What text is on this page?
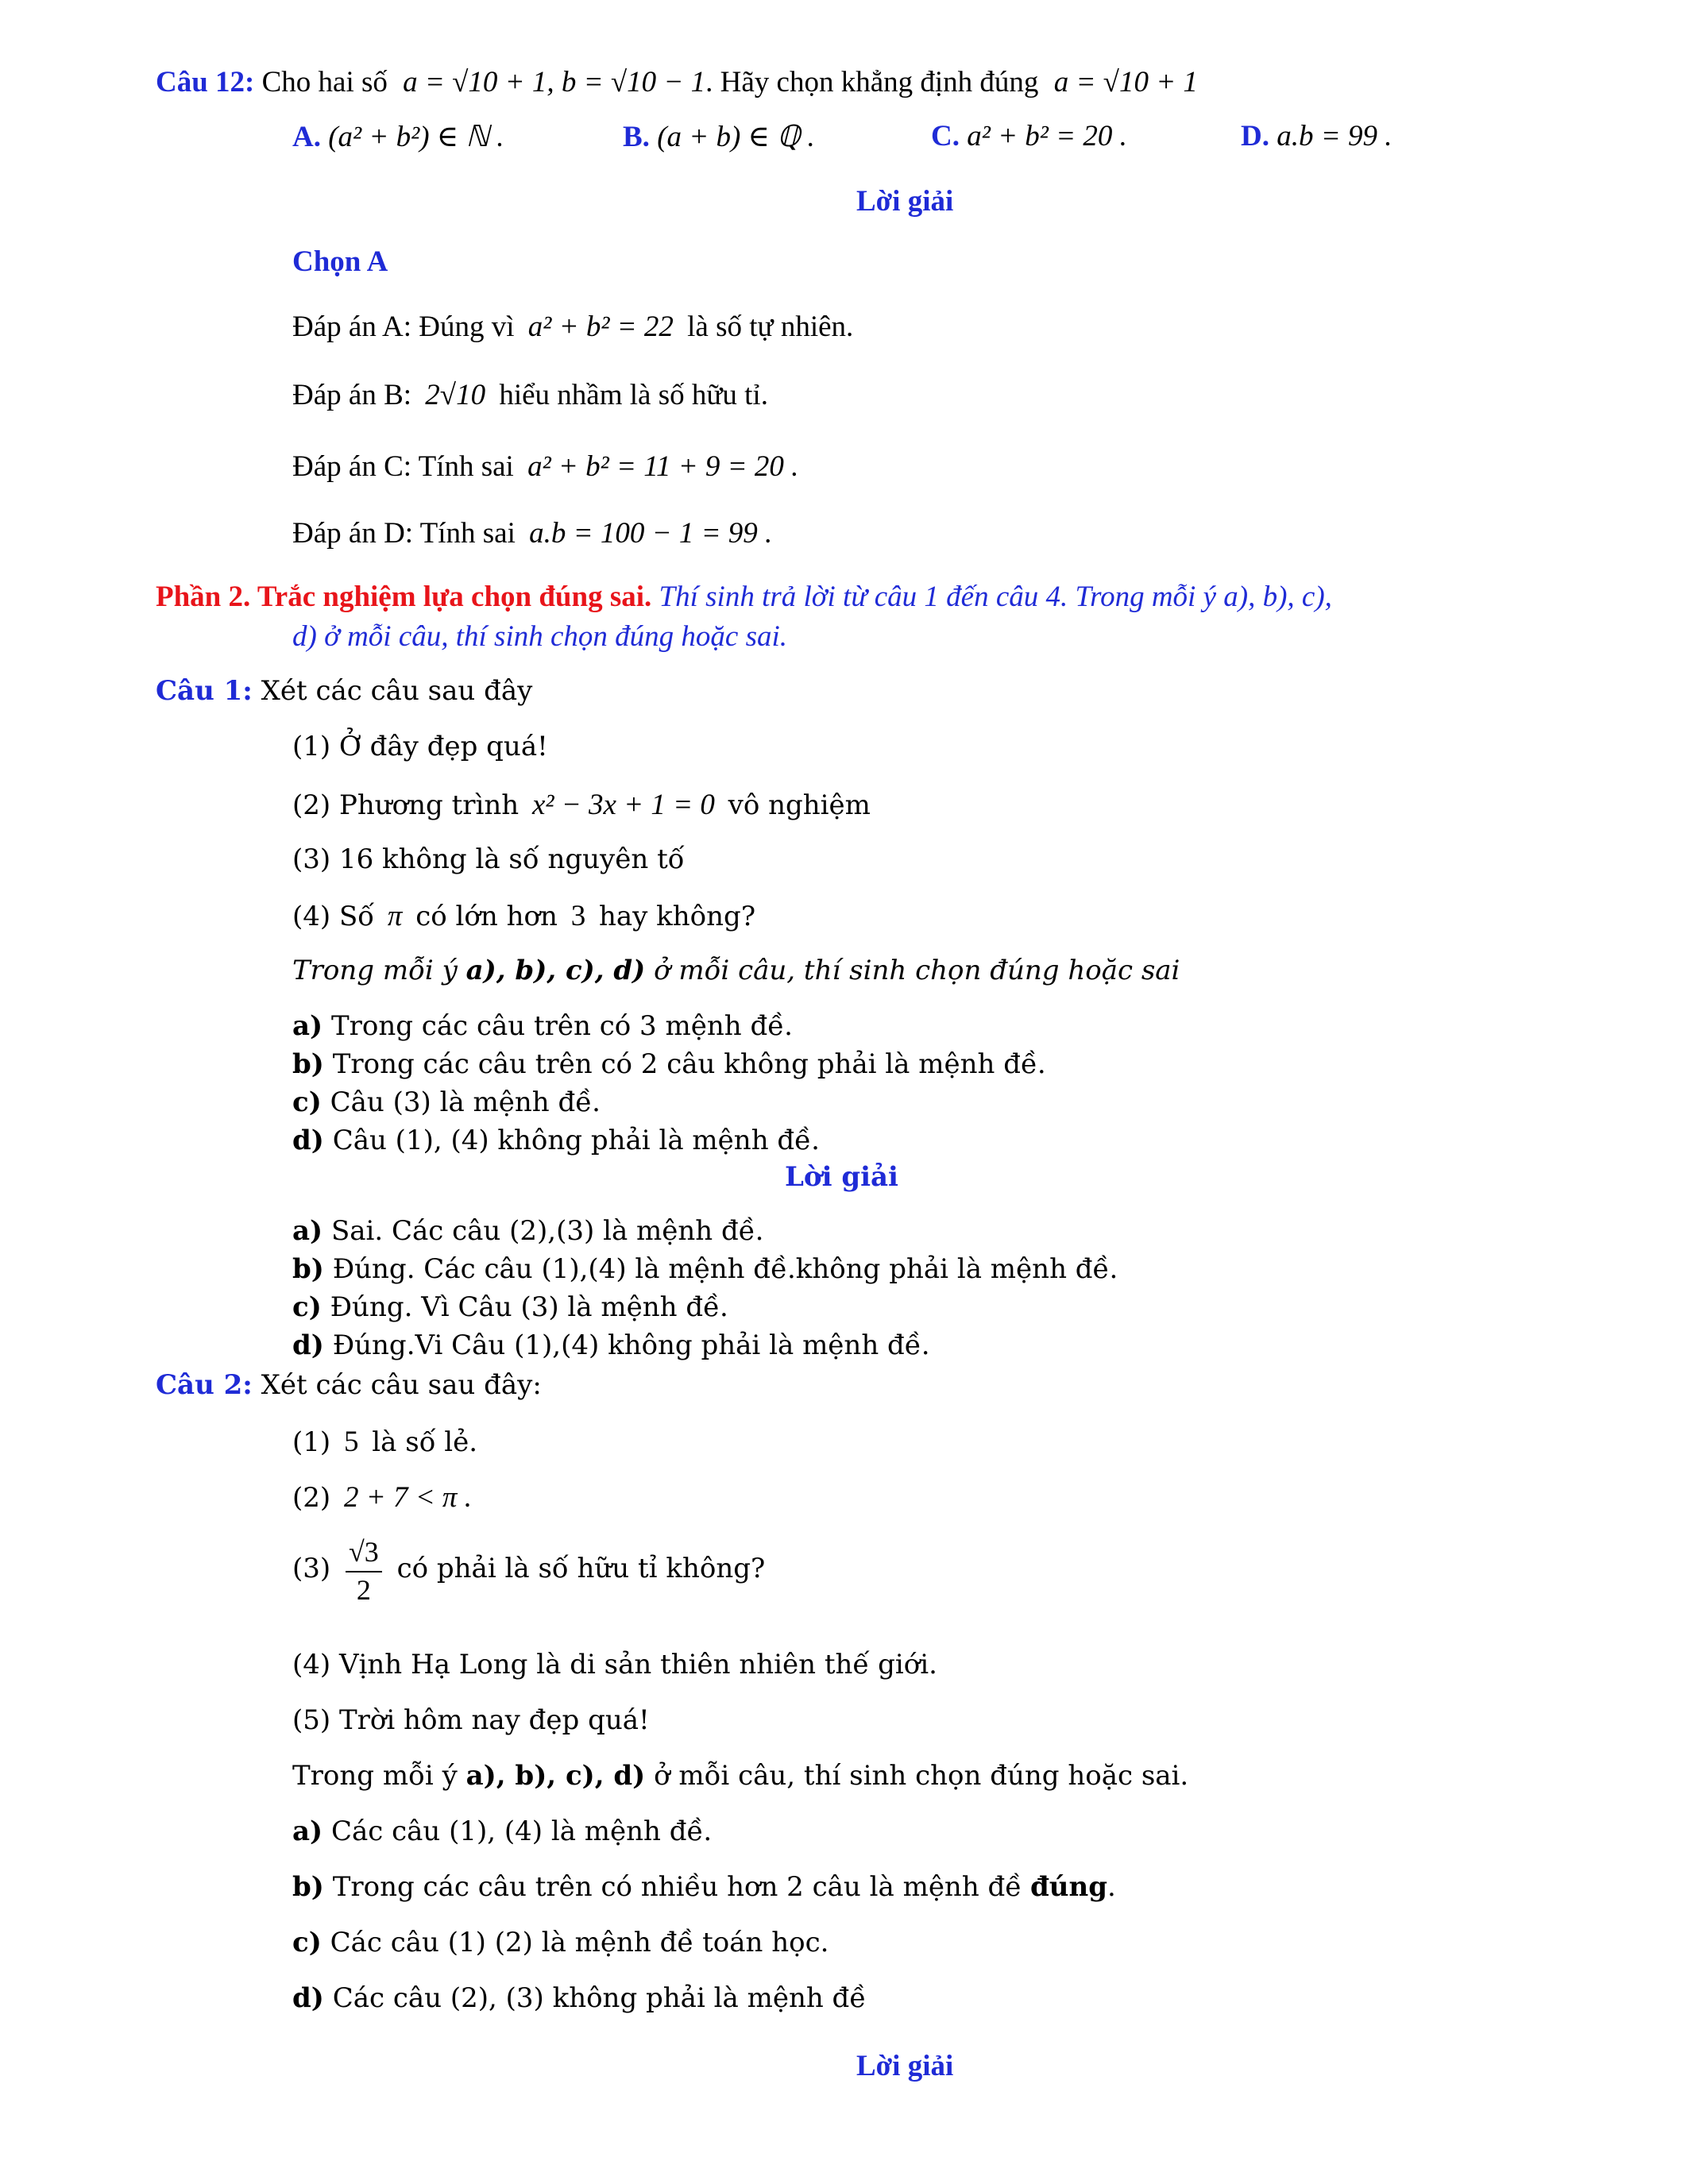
Câu 12: Cho hai số a = √10 + 1, b = √10 − 1. Hãy chọn khẳng định đúng a = √10 + 1
A. (a² + b²) ∈ ℕ .	B. (a + b) ∈ ℚ .	C. a² + b² = 20 .	D. a.b = 99 .
Lời giải
Chọn A
Đáp án A: Đúng vì a² + b² = 22 là số tự nhiên.
Đáp án B: 2√10 hiểu nhầm là số hữu tỉ.
Đáp án C: Tính sai a² + b² = 11 + 9 = 20 .
Đáp án D: Tính sai a.b = 100 − 1 = 99 .
Phần 2. Trắc nghiệm lựa chọn đúng sai. Thí sinh trả lời từ câu 1 đến câu 4. Trong mỗi ý a), b), c),
d) ở mỗi câu, thí sinh chọn đúng hoặc sai.
Câu 1: Xét các câu sau đây
(1) Ở đây đẹp quá!
(2) Phương trình x² − 3x + 1 = 0 vô nghiệm
(3) 16 không là số nguyên tố
(4) Số π có lớn hơn 3 hay không?
Trong mỗi ý a), b), c), d) ở mỗi câu, thí sinh chọn đúng hoặc sai
a) Trong các câu trên có 3 mệnh đề.
b) Trong các câu trên có 2 câu không phải là mệnh đề.
c) Câu (3) là mệnh đề.
d) Câu (1), (4) không phải là mệnh đề.
Lời giải
a) Sai. Các câu (2),(3) là mệnh đề.
b) Đúng. Các câu (1),(4) là mệnh đề.không phải là mệnh đề.
c) Đúng. Vì Câu (3) là mệnh đề.
d) Đúng.Vi Câu (1),(4) không phải là mệnh đề.
Câu 2: Xét các câu sau đây:
(1) 5 là số lẻ.
(2) 2 + 7 < π .
$(3) \frac{√3}{2}$ có phải là số hữu tỉ không?
(4) Vịnh Hạ Long là di sản thiên nhiên thế giới.
(5) Trời hôm nay đẹp quá!
Trong mỗi ý a), b), c), d) ở mỗi câu, thí sinh chọn đúng hoặc sai.
a) Các câu (1), (4) là mệnh đề.
b) Trong các câu trên có nhiều hơn 2 câu là mệnh đề đúng.
c) Các câu (1) (2) là mệnh đề toán học.
d) Các câu (2), (3) không phải là mệnh đề
Lời giải
